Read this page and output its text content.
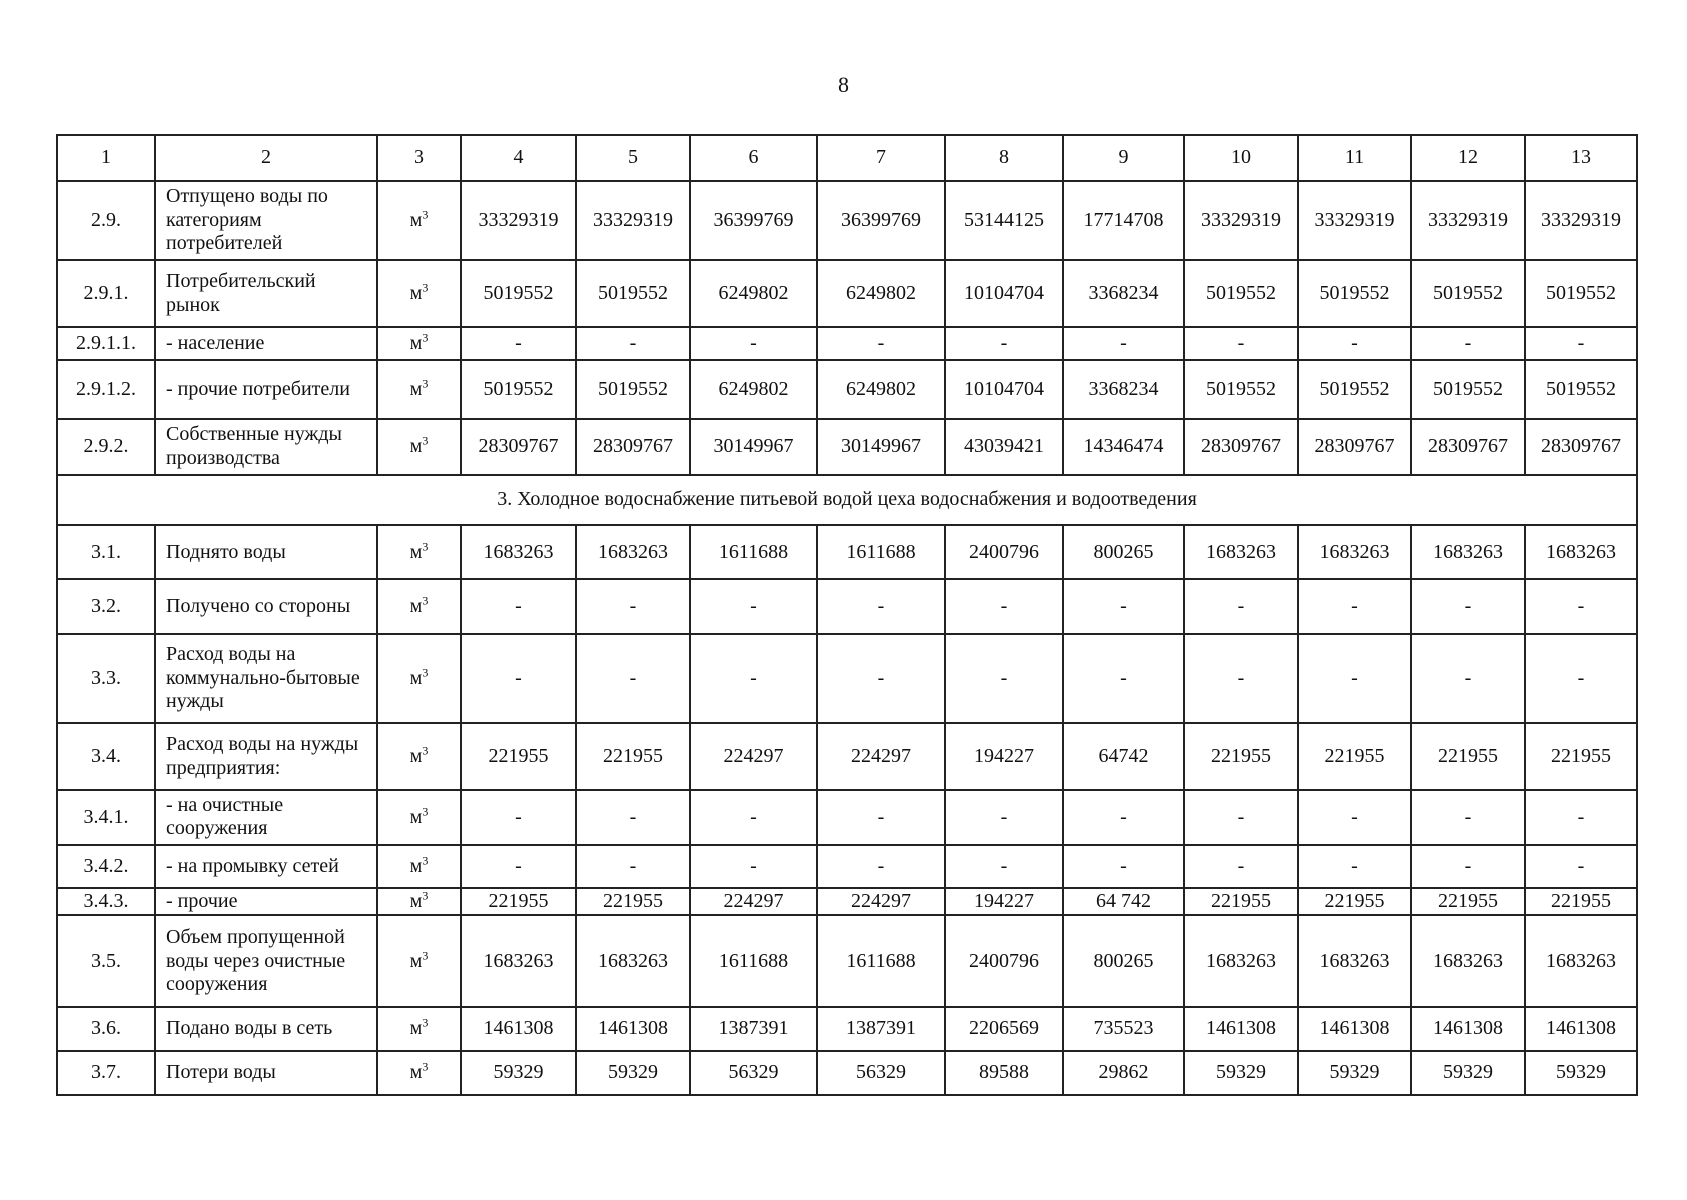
8
1	2	3	4	5	6	7	8	9	10	11	12	13
2.9.	Отпущено воды по категориям потребителей	$м^3$	33329319	33329319	36399769	36399769	53144125	17714708	33329319	33329319	33329319	33329319
2.9.1.	Потребительский рынок	$м^3$	5019552	5019552	6249802	6249802	10104704	3368234	5019552	5019552	5019552	5019552
2.9.1.1.	- население	$м^3$	-	-	-	-	-	-	-	-	-	-
2.9.1.2.	- прочие потребители	$м^3$	5019552	5019552	6249802	6249802	10104704	3368234	5019552	5019552	5019552	5019552
2.9.2.	Собственные нужды производства	$м^3$	28309767	28309767	30149967	30149967	43039421	14346474	28309767	28309767	28309767	28309767
3. Холодное водоснабжение питьевой водой цеха водоснабжения и водоотведения												
3.1.	Поднято воды	$м^3$	1683263	1683263	1611688	1611688	2400796	800265	1683263	1683263	1683263	1683263
3.2.	Получено со стороны	$м^3$	-	-	-	-	-	-	-	-	-	-
3.3.	Расход воды на коммунально-бытовые нужды	$м^3$	-	-	-	-	-	-	-	-	-	-
3.4.	Расход воды на нужды предприятия:	$м^3$	221955	221955	224297	224297	194227	64742	221955	221955	221955	221955
3.4.1.	- на очистные сооружения	$м^3$	-	-	-	-	-	-	-	-	-	-
3.4.2.	- на промывку сетей	$м^3$	-	-	-	-	-	-	-	-	-	-
3.4.3.	- прочие	$м^3$	221955	221955	224297	224297	194227	64 742	221955	221955	221955	221955
3.5.	Объем пропущенной воды через очистные сооружения	$м^3$	1683263	1683263	1611688	1611688	2400796	800265	1683263	1683263	1683263	1683263
3.6.	Подано воды в сеть	$м^3$	1461308	1461308	1387391	1387391	2206569	735523	1461308	1461308	1461308	1461308
3.7.	Потери воды	$м^3$	59329	59329	56329	56329	89588	29862	59329	59329	59329	59329
